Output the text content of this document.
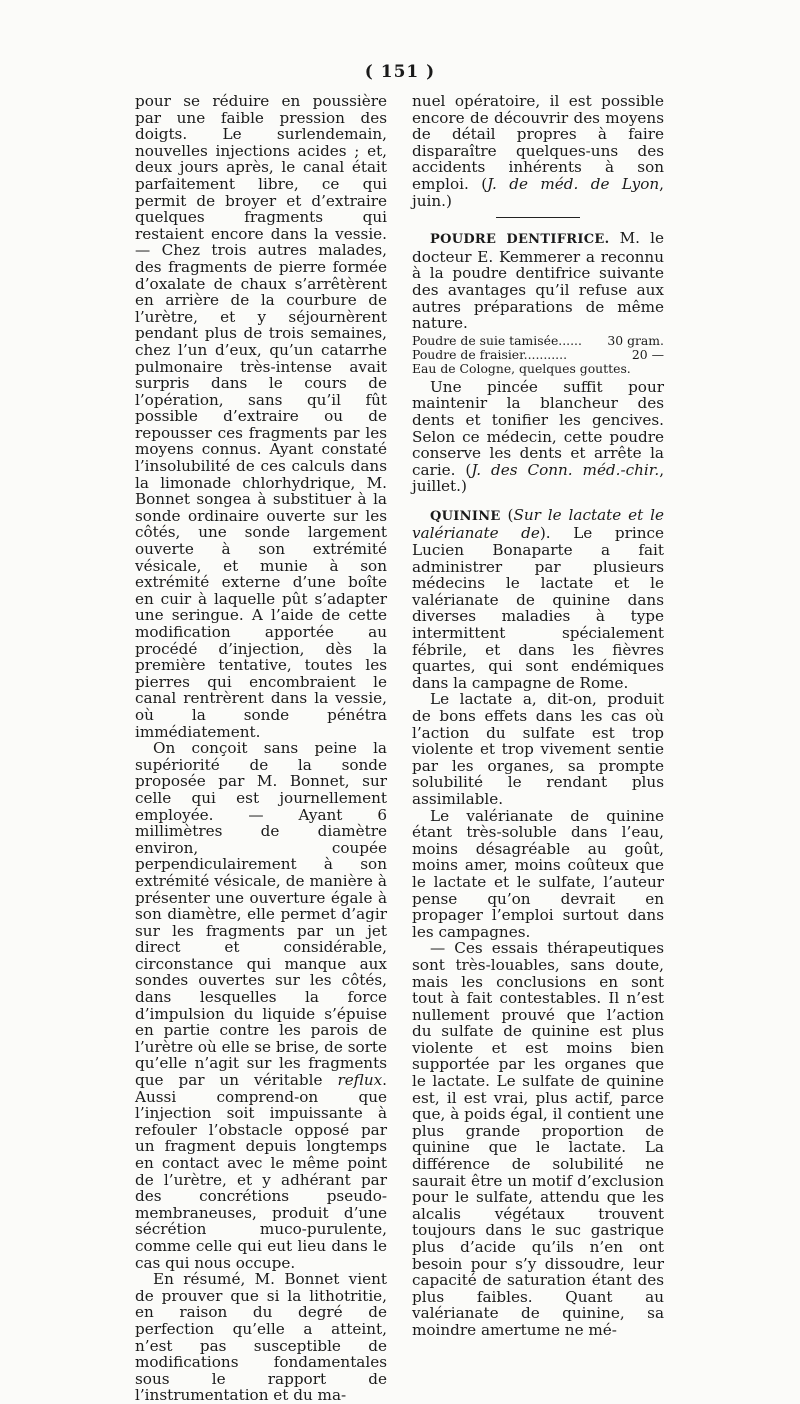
( 151 )

pour se réduire en poussière par une faible pression des doigts. Le surlendemain, nouvelles injections acides ; et, deux jours après, le canal était parfaitement libre, ce qui permit de broyer et d’extraire quelques fragments qui restaient encore dans la vessie. — Chez trois autres malades, des fragments de pierre formée d’oxalate de chaux s’arrêtèrent en arrière de la courbure de l’urètre, et y séjournèrent pendant plus de trois semaines, chez l’un d’eux, qu’un catarrhe pulmonaire très-intense avait surpris dans le cours de l’opération, sans qu’il fût possible d’extraire ou de repousser ces fragments par les moyens connus. Ayant constaté l’insolubilité de ces calculs dans la limonade chlorhydrique, M. Bonnet songea à substituer à la sonde ordinaire ouverte sur les côtés, une sonde largement ouverte à son extrémité vésicale, et munie à son extrémité externe d’une boîte en cuir à laquelle pût s’adapter une seringue. A l’aide de cette modification apportée au procédé d’injection, dès la première tentative, toutes les pierres qui encombraient le canal rentrèrent dans la vessie, où la sonde pénétra immédiatement.

On conçoit sans peine la supériorité de la sonde proposée par M. Bonnet, sur celle qui est journellement employée. — Ayant 6 millimètres de diamètre environ, coupée perpendiculairement à son extrémité vésicale, de manière à présenter une ouverture égale à son diamètre, elle permet d’agir sur les fragments par un jet direct et considérable, circonstance qui manque aux sondes ouvertes sur les côtés, dans lesquelles la force d’impulsion du liquide s’épuise en partie contre les parois de l’urètre où elle se brise, de sorte qu’elle n’agit sur les fragments que par un véritable reflux. Aussi comprend-on que l’injection soit impuissante à refouler l’obstacle opposé par un fragment depuis longtemps en contact avec le même point de l’urètre, et y adhérant par des concrétions pseudo-membraneuses, produit d’une sécrétion muco-purulente, comme celle qui eut lieu dans le cas qui nous occupe.

En résumé, M. Bonnet vient de prouver que si la lithotritie, en raison du degré de perfection qu’elle a atteint, n’est pas susceptible de modifications fondamentales sous le rapport de l’instrumentation et du ma-

nuel opératoire, il est possible encore de découvrir des moyens de détail propres à faire disparaître quelques-uns des accidents inhérents à son emploi. (J. de méd. de Lyon, juin.)

POUDRE DENTIFRICE. M. le docteur E. Kemmerer a reconnu à la poudre dentifrice suivante des avantages qu’il refuse aux autres préparations de même nature.

Poudre de suie tamisée...... 30 gram.
Poudre de fraisier...........	20 —
Eau de Cologne, quelques gouttes.

Une pincée suffit pour maintenir la blancheur des dents et tonifier les gencives. Selon ce médecin, cette poudre conserve les dents et arrête la carie. (J. des Conn. méd.-chir., juillet.)

QUININE (Sur le lactate et le valérianate de). Le prince Lucien Bonaparte a fait administrer par plusieurs médecins le lactate et le valérianate de quinine dans diverses maladies à type intermittent spécialement fébrile, et dans les fièvres quartes, qui sont endémiques dans la campagne de Rome.

Le lactate a, dit-on, produit de bons effets dans les cas où l’action du sulfate est trop violente et trop vivement sentie par les organes, sa prompte solubilité le rendant plus assimilable.

Le valérianate de quinine étant très-soluble dans l’eau, moins désagréable au goût, moins amer, moins coûteux que le lactate et le sulfate, l’auteur pense qu’on devrait en propager l’emploi surtout dans les campagnes.

— Ces essais thérapeutiques sont très-louables, sans doute, mais les conclusions en sont tout à fait contestables. Il n’est nullement prouvé que l’action du sulfate de quinine est plus violente et est moins bien supportée par les organes que le lactate. Le sulfate de quinine est, il est vrai, plus actif, parce que, à poids égal, il contient une plus grande proportion de quinine que le lactate. La différence de solubilité ne saurait être un motif d’exclusion pour le sulfate, attendu que les alcalis végétaux trouvent toujours dans le suc gastrique plus d’acide qu’ils n’en ont besoin pour s’y dissoudre, leur capacité de saturation étant des plus faibles. Quant au valérianate de quinine, sa moindre amertume ne mé-
